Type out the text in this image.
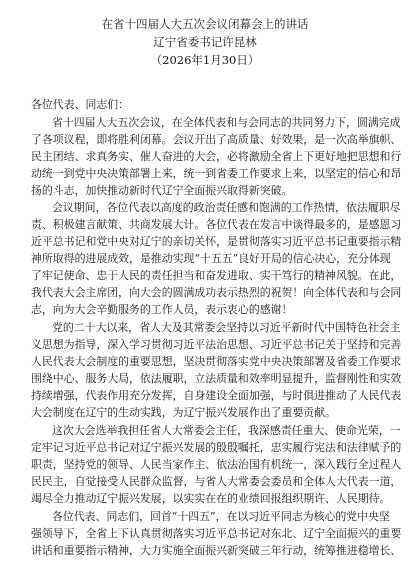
在省十四届人大五次会议闭幕会上的讲话
辽宁省委书记许昆林
（2026年1月30日）
各位代表、同志们：
省十四届人大五次会议，在全体代表和与会同志的共同努力下，圆满完成
了各项议程，即将胜利闭幕。会议开出了高质量、好效果，是一次高举旗帜、
民主团结、求真务实、催人奋进的大会，必将激励全省上下更好地把思想和行
动统一到党中央决策部署上来，统一到省委工作要求上来，以坚定的信心和昂
扬的斗志，加快推动新时代辽宁全面振兴取得新突破。
会议期间，各位代表以高度的政治责任感和饱满的工作热情，依法履职尽
责、积极建言献策、共商发展大计。各位代表在发言中谈得最多的，是感恩习
近平总书记和党中央对辽宁的亲切关怀，是贯彻落实习近平总书记重要指示精
神所取得的进展成效，是推动实现“十五五”良好开局的信心决心，充分体现
了牢记使命、忠于人民的责任担当和奋发进取、实干笃行的精神风貌。在此，
我代表大会主席团，向大会的圆满成功表示热烈的祝贺！向全体代表和与会同
志，向为大会辛勤服务的工作人员，表示衷心的感谢！
党的二十大以来，省人大及其常委会坚持以习近平新时代中国特色社会主
义思想为指导，深入学习贯彻习近平法治思想、习近平总书记关于坚持和完善
人民代表大会制度的重要思想，坚决贯彻落实党中央决策部署及省委工作要求
围绕中心、服务大局，依法履职，立法质量和效率明显提升，监督刚性和实效
持续增强，代表作用充分发挥，自身建设全面加强，与时俱进推动了人民代表
大会制度在辽宁的生动实践，为辽宁振兴发展作出了重要贡献。
这次大会选举我担任省人大常委会主任，我深感责任重大、使命光荣，一
定牢记习近平总书记对辽宁振兴发展的殷殷嘱托，忠实履行宪法和法律赋予的
职责，坚持党的领导、人民当家作主、依法治国有机统一，深入践行全过程人
民民主，自觉接受人民群众监督，与省人大常委会委员和全体人大代表一道，
竭尽全力推动辽宁振兴发展，以实实在在的业绩回报组织期许、人民期待。
各位代表、同志们，回首“十四五”，在以习近平同志为核心的党中央坚
强领导下，全省上下认真贯彻落实习近平总书记对东北、辽宁全面振兴的重要
讲话和重要指示精神，大力实施全面振兴新突破三年行动，统筹推进稳增长、
